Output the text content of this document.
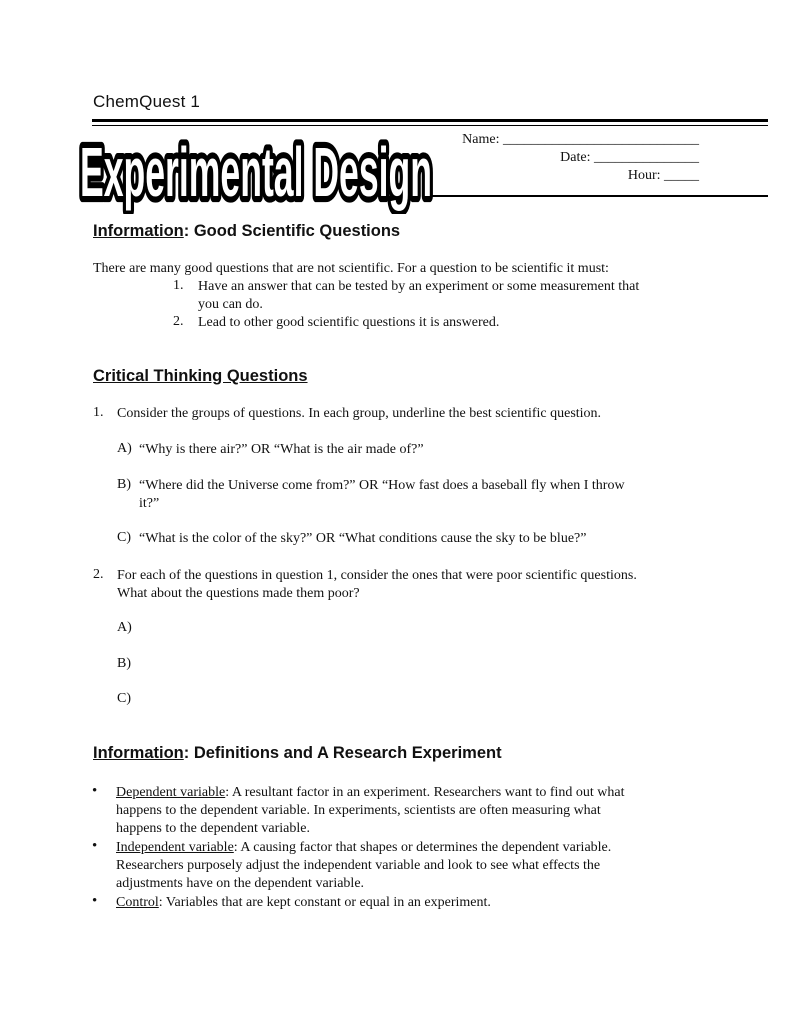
ChemQuest 1
Experimental Design Name: ____________________________
Date: _______________
Hour: _____
Information: Good Scientific Questions
There are many good questions that are not scientific. For a question to be scientific it must:
1. Have an answer that can be tested by an experiment or some measurement that
you can do.
2. Lead to other good scientific questions it is answered.
Critical Thinking Questions
1. Consider the groups of questions. In each group, underline the best scientific question.
A) “Why is there air?” OR “What is the air made of?”
B) “Where did the Universe come from?” OR “How fast does a baseball fly when I throw
it?”
C) “What is the color of the sky?” OR “What conditions cause the sky to be blue?”
2. For each of the questions in question 1, consider the ones that were poor scientific questions.
What about the questions made them poor?
A)
B)
C)
Information: Definitions and A Research Experiment
• Dependent variable: A resultant factor in an experiment. Researchers want to find out what
happens to the dependent variable. In experiments, scientists are often measuring what
happens to the dependent variable.
• Independent variable: A causing factor that shapes or determines the dependent variable.
Researchers purposely adjust the independent variable and look to see what effects the
adjustments have on the dependent variable.
• Control: Variables that are kept constant or equal in an experiment.
